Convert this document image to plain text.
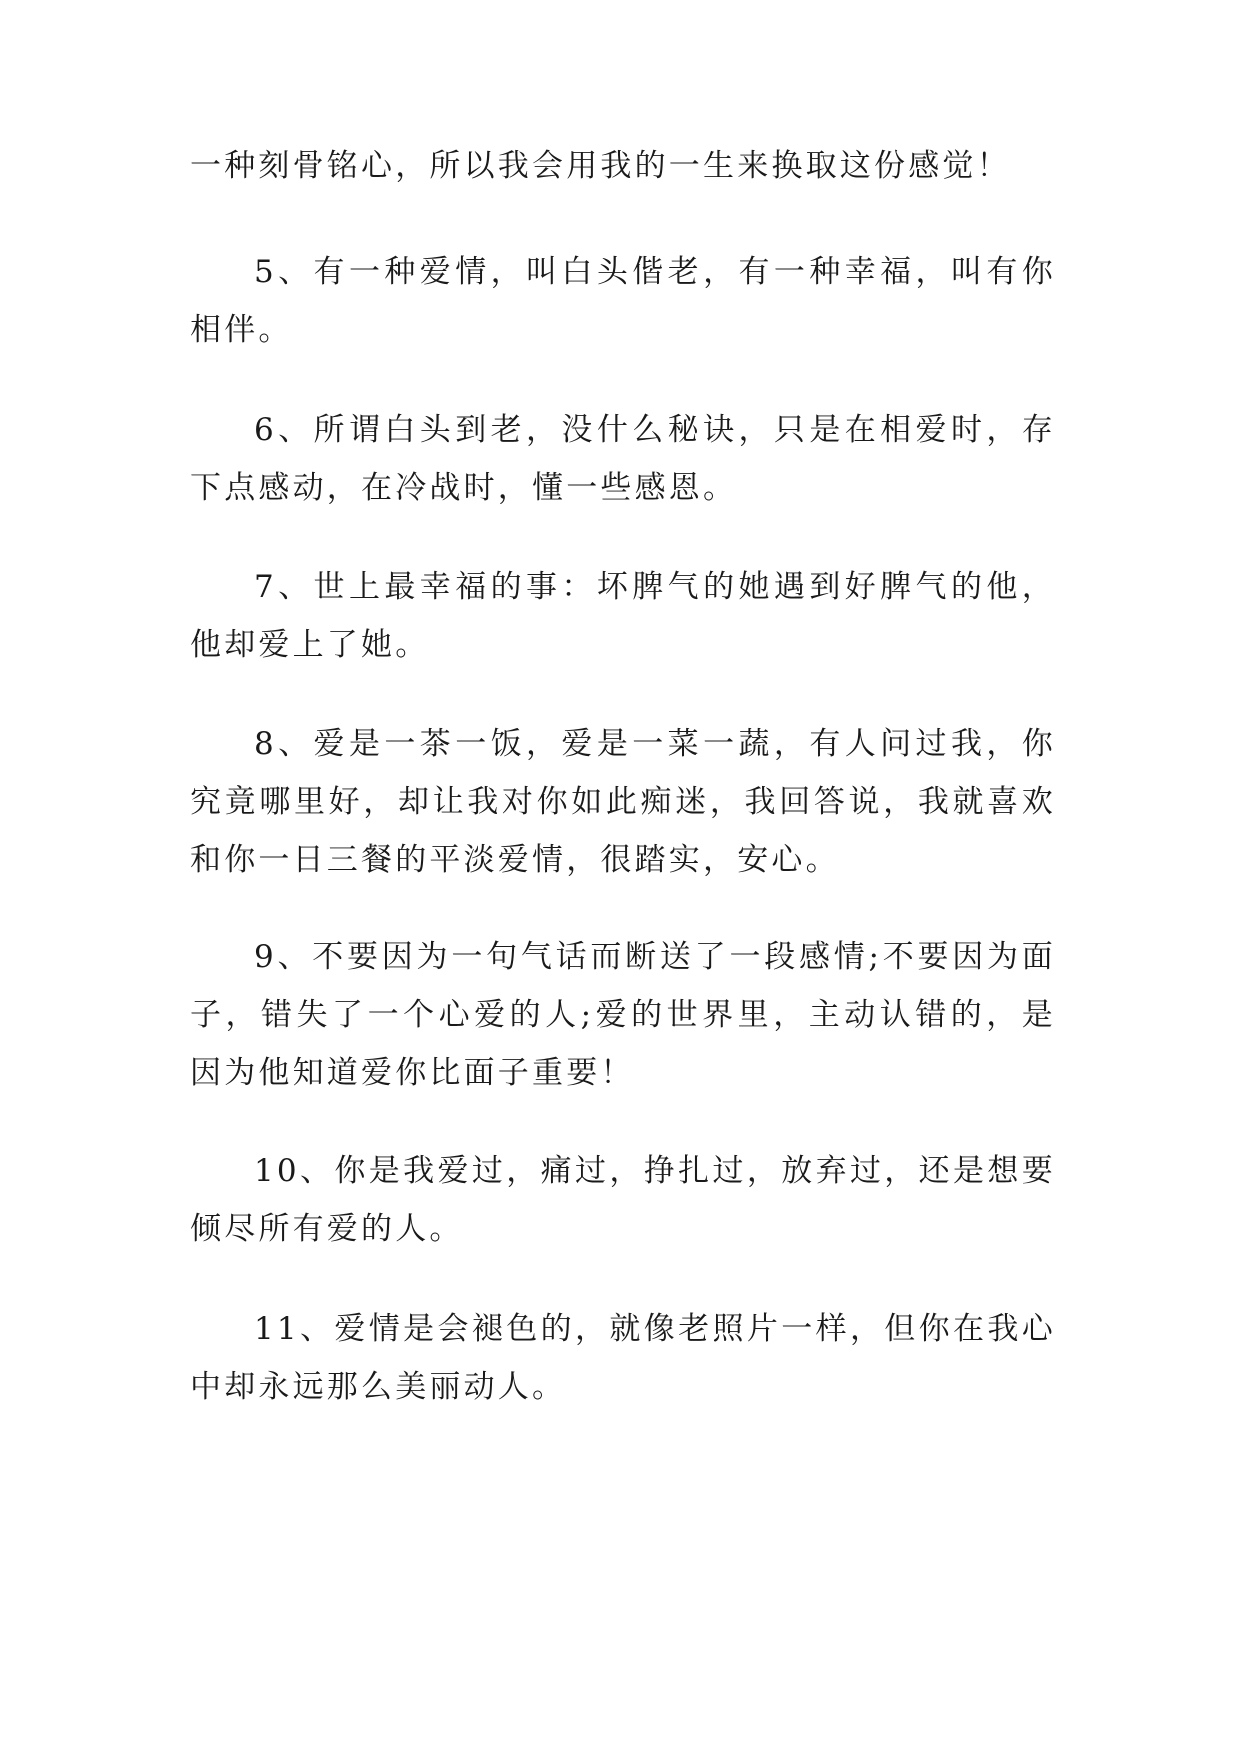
一种刻骨铭心，所以我会用我的一生来换取这份感觉！

5、有一种爱情，叫白头偕老，有一种幸福，叫有你相伴。

6、所谓白头到老，没什么秘诀，只是在相爱时，存下点感动，在冷战时，懂一些感恩。

7、世上最幸福的事：坏脾气的她遇到好脾气的他，他却爱上了她。

8、爱是一茶一饭，爱是一菜一蔬，有人问过我，你究竟哪里好，却让我对你如此痴迷，我回答说，我就喜欢和你一日三餐的平淡爱情，很踏实，安心。

9、不要因为一句气话而断送了一段感情;不要因为面子，错失了一个心爱的人;爱的世界里，主动认错的，是因为他知道爱你比面子重要！

10、你是我爱过，痛过，挣扎过，放弃过，还是想要倾尽所有爱的人。

11、爱情是会褪色的，就像老照片一样，但你在我心中却永远那么美丽动人。
